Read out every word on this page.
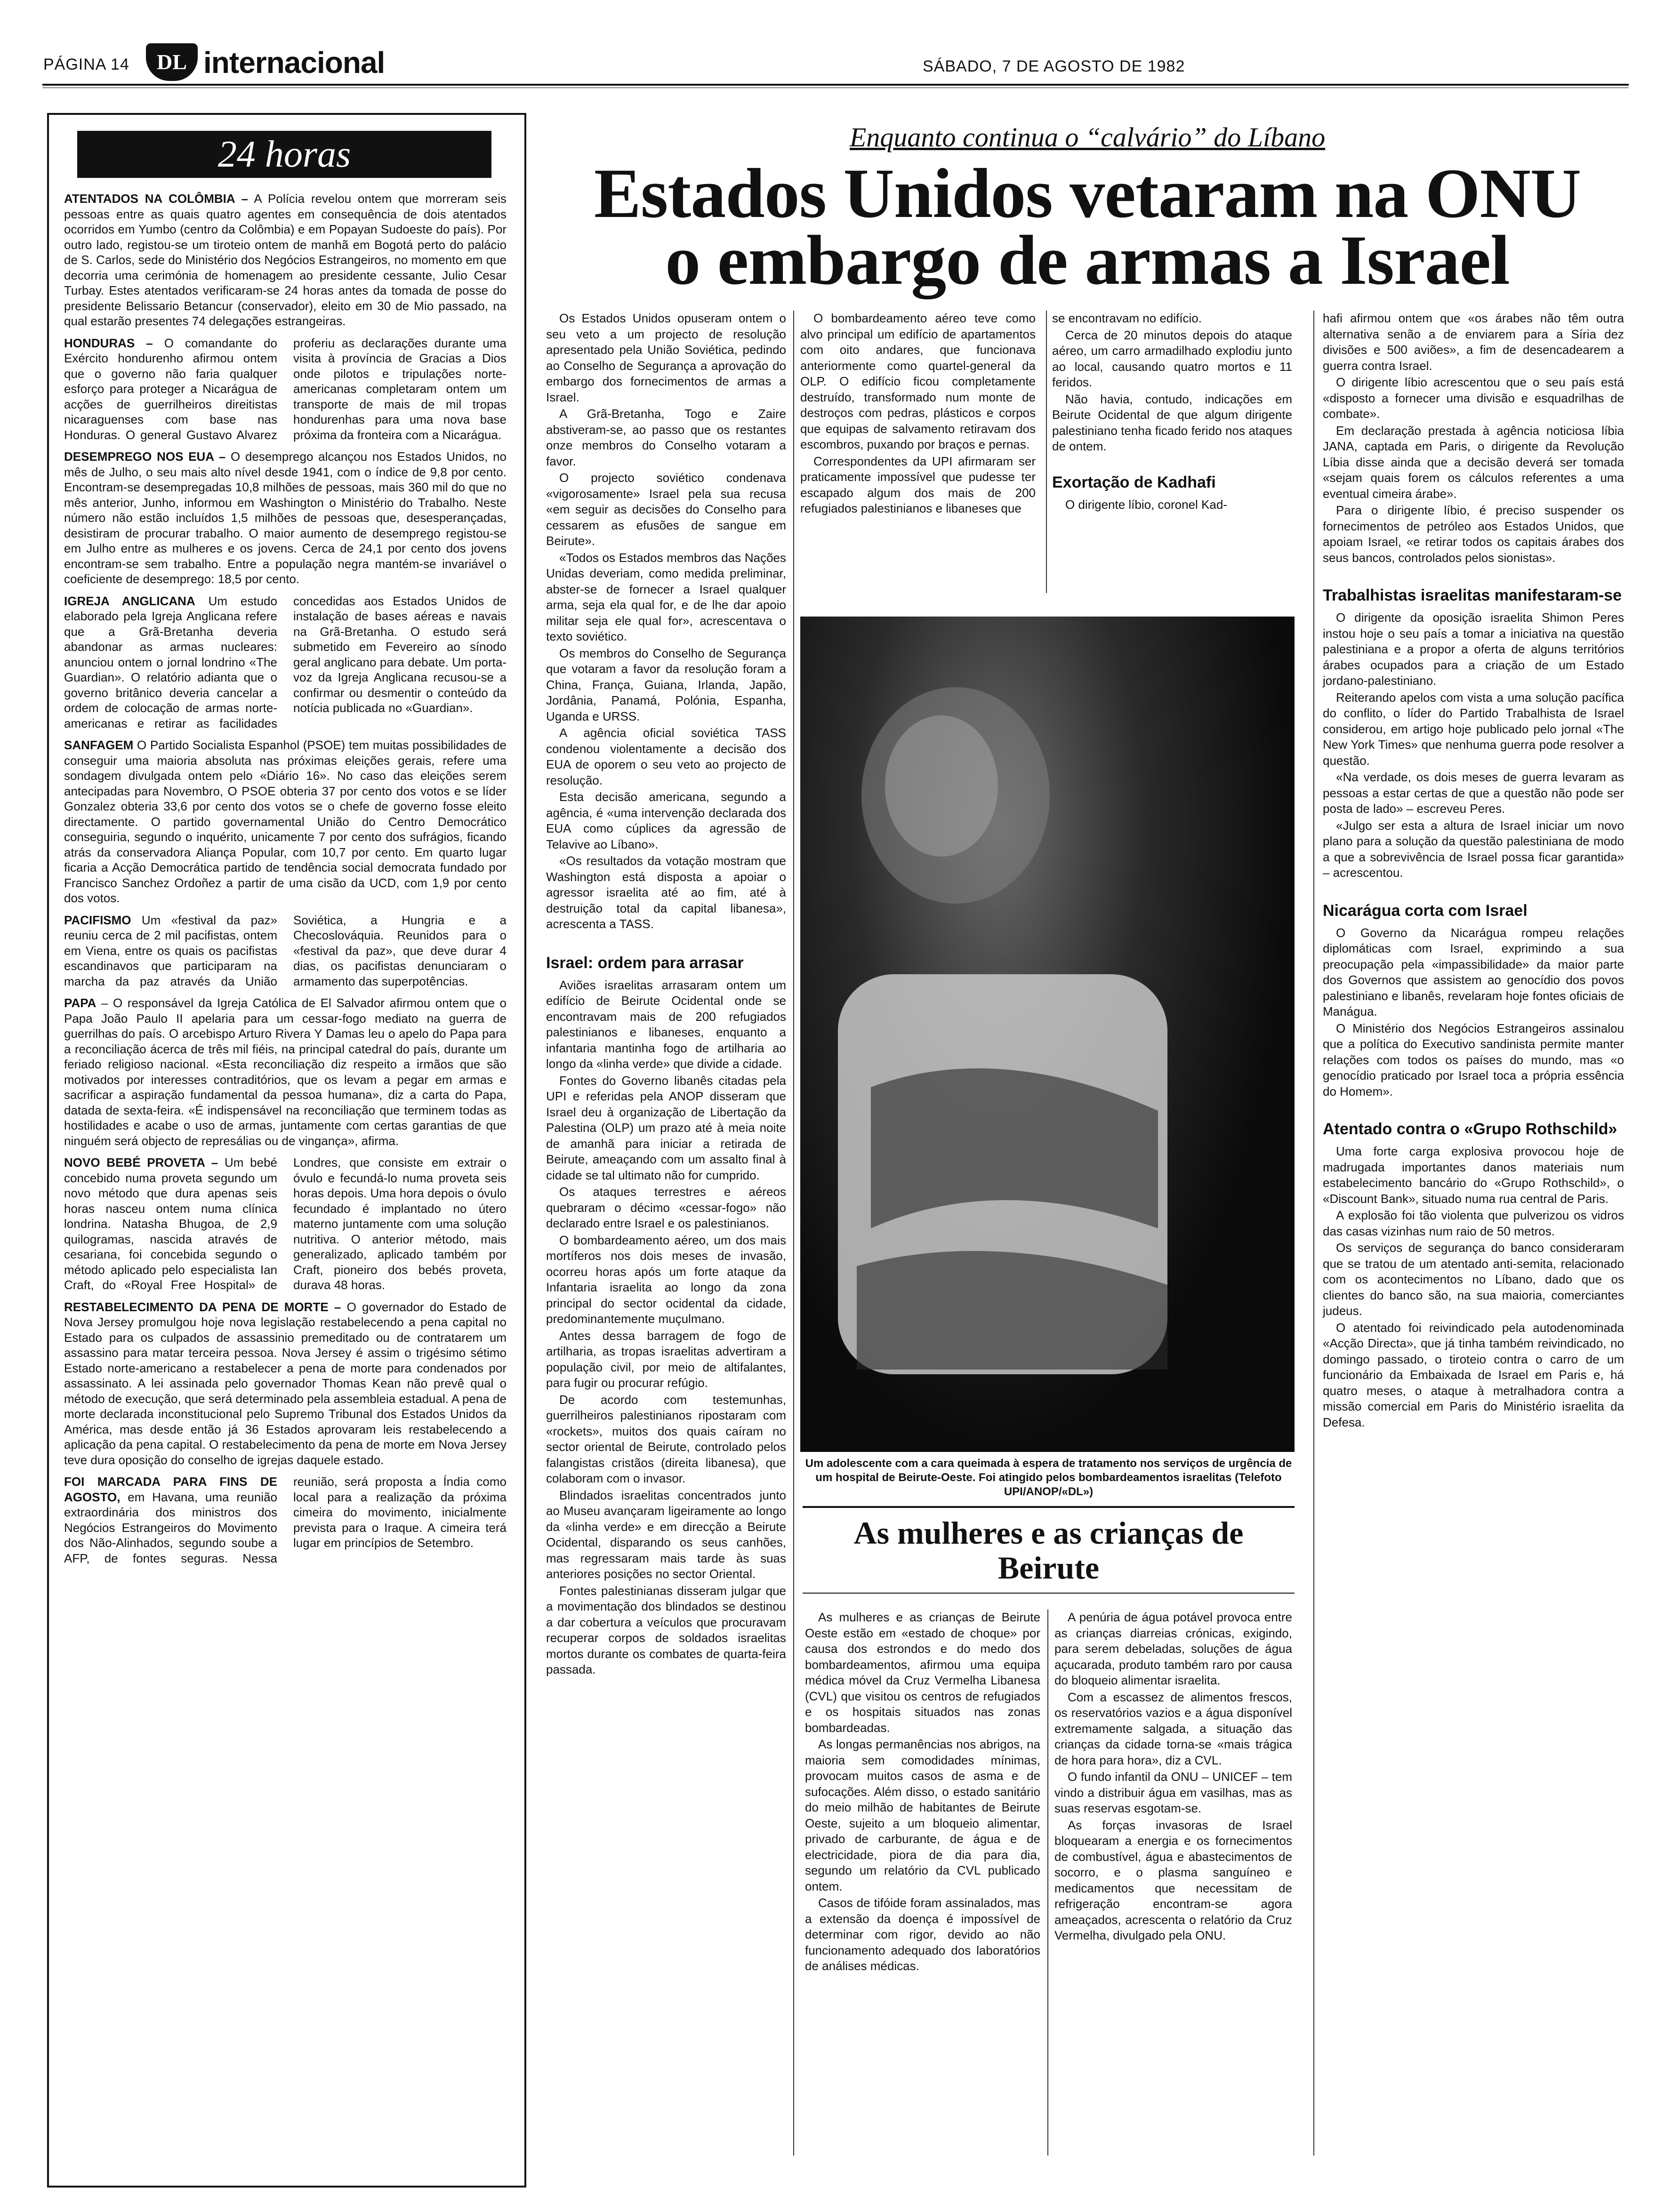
PÁGINA 14	DL internacional	SÁBADO, 7 DE AGOSTO DE 1982
24 horas
ATENTADOS NA COLÔMBIA – A Polícia revelou ontem que morreram seis pessoas entre as quais quatro agentes em consequência de dois atentados ocorridos em Yumbo (centro da Colômbia) e em Popayan Sudoeste do país). Por outro lado, registou-se um tiroteio ontem de manhã em Bogotá perto do palácio de S. Carlos, sede do Ministério dos Negócios Estrangeiros, no momento em que decorria uma cerimónia de homenagem ao presidente cessante, Julio Cesar Turbay. Estes atentados verificaram-se 24 horas antes da tomada de posse do presidente Belissario Betancur (conservador), eleito em 30 de Mio passado, na qual estarão presentes 74 delegações estrangeiras.
HONDURAS – O comandante do Exército hondurenho afirmou ontem que o governo não faria qualquer esforço para proteger a Nicarágua de acções de guerrilheiros direitistas nicaraguenses com base nas Honduras. O general Gustavo Alvarez proferiu as declarações durante uma visita à província de Gracias a Dios onde pilotos e tripulações norte-americanas completaram ontem um transporte de mais de mil tropas hondurenhas para uma nova base próxima da fronteira com a Nicarágua.
DESEMPREGO NOS EUA – O desemprego alcançou nos Estados Unidos, no mês de Julho, o seu mais alto nível desde 1941, com o índice de 9,8 por cento. Encontram-se desempregadas 10,8 milhões de pessoas, mais 360 mil do que no mês anterior, Junho, informou em Washington o Ministério do Trabalho. Neste número não estão incluídos 1,5 milhões de pessoas que, desesperançadas, desistiram de procurar trabalho. O maior aumento de desemprego registou-se em Julho entre as mulheres e os jovens. Cerca de 24,1 por cento dos jovens encontram-se sem trabalho. Entre a população negra mantém-se invariável o coeficiente de desemprego: 18,5 por cento.
IGREJA ANGLICANA Um estudo elaborado pela Igreja Anglicana refere que a Grã-Bretanha deveria abandonar as armas nucleares: anunciou ontem o jornal londrino «The Guardian». O relatório adianta que o governo britânico deveria cancelar a ordem de colocação de armas norte-americanas e retirar as facilidades concedidas aos Estados Unidos de instalação de bases aéreas e navais na Grã-Bretanha. O estudo será submetido em Fevereiro ao sínodo geral anglicano para debate. Um porta-voz da Igreja Anglicana recusou-se a confirmar ou desmentir o conteúdo da notícia publicada no «Guardian».
SANFAGEM O Partido Socialista Espanhol (PSOE) tem muitas possibilidades de conseguir uma maioria absoluta nas próximas eleições gerais, refere uma sondagem divulgada ontem pelo «Diário 16». No caso das eleições serem antecipadas para Novembro, O PSOE obteria 37 por cento dos votos e se líder Gonzalez obteria 33,6 por cento dos votos se o chefe de governo fosse eleito directamente. O partido governamental União do Centro Democrático conseguiria, segundo o inquérito, unicamente 7 por cento dos sufrágios, ficando atrás da conservadora Aliança Popular, com 10,7 por cento. Em quarto lugar ficaria a Acção Democrática partido de tendência social democrata fundado por Francisco Sanchez Ordoñez a partir de uma cisão da UCD, com 1,9 por cento dos votos.
PACIFISMO Um «festival da paz» reuniu cerca de 2 mil pacifistas, ontem em Viena, entre os quais os pacifistas escandinavos que participaram na marcha da paz através da União Soviética, a Hungria e a Checoslováquia. Reunidos para o «festival da paz», que deve durar 4 dias, os pacifistas denunciaram o armamento das superpotências.
PAPA – O responsável da Igreja Católica de El Salvador afirmou ontem que o Papa João Paulo II apelaria para um cessar-fogo mediato na guerra de guerrilhas do país. O arcebispo Arturo Rivera Y Damas leu o apelo do Papa para a reconciliação ácerca de três mil fiéis, na principal catedral do país, durante um feriado religioso nacional. «Esta reconciliação diz respeito a irmãos que são motivados por interesses contraditórios, que os levam a pegar em armas e sacrificar a aspiração fundamental da pessoa humana», diz a carta do Papa, datada de sexta-feira. «É indispensável na reconciliação que terminem todas as hostilidades e acabe o uso de armas, juntamente com certas garantias de que ninguém será objecto de represálias ou de vingança», afirma.
NOVO BEBÉ PROVETA – Um bebé concebido numa proveta segundo um novo método que dura apenas seis horas nasceu ontem numa clínica londrina. Natasha Bhugoa, de 2,9 quilogramas, nascida através de cesariana, foi concebida segundo o método aplicado pelo especialista Ian Craft, do «Royal Free Hospital» de Londres, que consiste em extrair o óvulo e fecundá-lo numa proveta seis horas depois. Uma hora depois o óvulo fecundado é implantado no útero materno juntamente com uma solução nutritiva. O anterior método, mais generalizado, aplicado também por Craft, pioneiro dos bebés proveta, durava 48 horas.
RESTABELECIMENTO DA PENA DE MORTE – O governador do Estado de Nova Jersey promulgou hoje nova legislação restabelecendo a pena capital no Estado para os culpados de assassinio premeditado ou de contratarem um assassino para matar terceira pessoa. Nova Jersey é assim o trigésimo sétimo Estado norte-americano a restabelecer a pena de morte para condenados por assassinato. A lei assinada pelo governador Thomas Kean não prevê qual o método de execução, que será determinado pela assembleia estadual. A pena de morte declarada inconstitucional pelo Supremo Tribunal dos Estados Unidos da América, mas desde então já 36 Estados aprovaram leis restabelecendo a aplicação da pena capital. O restabelecimento da pena de morte em Nova Jersey teve dura oposição do conselho de igrejas daquele estado.
FOI MARCADA PARA FINS DE AGOSTO, em Havana, uma reunião extraordinária dos ministros dos Negócios Estrangeiros do Movimento dos Não-Alinhados, segundo soube a AFP, de fontes seguras. Nessa reunião, será proposta a Índia como local para a realização da próxima cimeira do movimento, inicialmente prevista para o Iraque. A cimeira terá lugar em princípios de Setembro.
Enquanto continua o “calvário” do Líbano
Estados Unidos vetaram na ONU
o embargo de armas a Israel

Os Estados Unidos opuseram ontem o seu veto a um projecto de resolução apresentado pela União Soviética, pedindo ao Conselho de Segurança a aprovação do embargo dos fornecimentos de armas a Israel.

A Grã-Bretanha, Togo e Zaire abstiveram-se, ao passo que os restantes onze membros do Conselho votaram a favor.

O projecto soviético condenava «vigorosamente» Israel pela sua recusa «em seguir as decisões do Conselho para cessarem as efusões de sangue em Beirute».

«Todos os Estados membros das Nações Unidas deveriam, como medida preliminar, abster-se de fornecer a Israel qualquer arma, seja ela qual for, e de lhe dar apoio militar seja ele qual for», acrescentava o texto soviético.

Os membros do Conselho de Segurança que votaram a favor da resolução foram a China, França, Guiana, Irlanda, Japão, Jordânia, Panamá, Polónia, Espanha, Uganda e URSS.

A agência oficial soviética TASS condenou violentamente a decisão dos EUA de oporem o seu veto ao projecto de resolução.

Esta decisão americana, segundo a agência, é «uma intervenção declarada dos EUA como cúplices da agressão de Telavive ao Líbano».

«Os resultados da votação mostram que Washington está disposta a apoiar o agressor israelita até ao fim, até à destruição total da capital libanesa», acrescenta a TASS.

Israel: ordem para arrasar

Aviões israelitas arrasaram ontem um edifício de Beirute Ocidental onde se encontravam mais de 200 refugiados palestinianos e libaneses, enquanto a infantaria mantinha fogo de artilharia ao longo da «linha verde» que divide a cidade.

Fontes do Governo libanês citadas pela UPI e referidas pela ANOP disseram que Israel deu à organização de Libertação da Palestina (OLP) um prazo até à meia noite de amanhã para iniciar a retirada de Beirute, ameaçando com um assalto final à cidade se tal ultimato não for cumprido.

Os ataques terrestres e aéreos quebraram o décimo «cessar-fogo» não declarado entre Israel e os palestinianos.

O bombardeamento aéreo, um dos mais mortíferos nos dois meses de invasão, ocorreu horas após um forte ataque da Infantaria israelita ao longo da zona principal do sector ocidental da cidade, predominantemente muçulmano.

Antes dessa barragem de fogo de artilharia, as tropas israelitas advertiram a população civil, por meio de altifalantes, para fugir ou procurar refúgio.

De acordo com testemunhas, guerrilheiros palestinianos ripostaram com «rockets», muitos dos quais caíram no sector oriental de Beirute, controlado pelos falangistas cristãos (direita libanesa), que colaboram com o invasor.

Blindados israelitas concentrados junto ao Museu avançaram ligeiramente ao longo da «linha verde» e em direcção a Beirute Ocidental, disparando os seus canhões, mas regressaram mais tarde às suas anteriores posições no sector Oriental.

Fontes palestinianas disseram julgar que a movimentação dos blindados se destinou a dar cobertura a veículos que procuravam recuperar corpos de soldados israelitas mortos durante os combates de quarta-feira passada.

O bombardeamento aéreo teve como alvo principal um edifício de apartamentos com oito andares, que funcionava anteriormente como quartel-general da OLP. O edifício ficou completamente destruído, transformado num monte de destroços com pedras, plásticos e corpos que equipas de salvamento retiravam dos escombros, puxando por braços e pernas.

Correspondentes da UPI afirmaram ser praticamente impossível que pudesse ter escapado algum dos mais de 200 refugiados palestinianos e libaneses que

se encontravam no edifício.

Cerca de 20 minutos depois do ataque aéreo, um carro armadilhado explodiu junto ao local, causando quatro mortos e 11 feridos.

Não havia, contudo, indicações em Beirute Ocidental de que algum dirigente palestiniano tenha ficado ferido nos ataques de ontem.

Exortação de Kadhafi

O dirigente líbio, coronel Kad-

Um adolescente com a cara queimada à espera de tratamento nos serviços de urgência de um hospital de Beirute-Oeste. Foi atingido pelos bombardeamentos israelitas (Telefoto UPI/ANOP/«DL»)

hafi afirmou ontem que «os árabes não têm outra alternativa senão a de enviarem para a Síria dez divisões e 500 aviões», a fim de desencadearem a guerra contra Israel.

O dirigente líbio acrescentou que o seu país está «disposto a fornecer uma divisão e esquadrilhas de combate».

Em declaração prestada à agência noticiosa líbia JANA, captada em Paris, o dirigente da Revolução Líbia disse ainda que a decisão deverá ser tomada «sejam quais forem os cálculos referentes a uma eventual cimeira árabe».

Para o dirigente líbio, é preciso suspender os fornecimentos de petróleo aos Estados Unidos, que apoiam Israel, «e retirar todos os capitais árabes dos seus bancos, controlados pelos sionistas».

Trabalhistas israelitas manifestaram-se

O dirigente da oposição israelita Shimon Peres instou hoje o seu país a tomar a iniciativa na questão palestiniana e a propor a oferta de alguns territórios árabes ocupados para a criação de um Estado jordano-palestiniano.

Reiterando apelos com vista a uma solução pacífica do conflito, o líder do Partido Trabalhista de Israel considerou, em artigo hoje publicado pelo jornal «The New York Times» que nenhuma guerra pode resolver a questão.

«Na verdade, os dois meses de guerra levaram as pessoas a estar certas de que a questão não pode ser posta de lado» – escreveu Peres.

«Julgo ser esta a altura de Israel iniciar um novo plano para a solução da questão palestiniana de modo a que a sobrevivência de Israel possa ficar garantida» – acrescentou.

Nicarágua corta com Israel

O Governo da Nicarágua rompeu relações diplomáticas com Israel, exprimindo a sua preocupação pela «impassibilidade» da maior parte dos Governos que assistem ao genocídio dos povos palestiniano e libanês, revelaram hoje fontes oficiais de Manágua.

O Ministério dos Negócios Estrangeiros assinalou que a política do Executivo sandinista permite manter relações com todos os países do mundo, mas «o genocídio praticado por Israel toca a própria essência do Homem».

Atentado contra o «Grupo Rothschild»

Uma forte carga explosiva provocou hoje de madrugada importantes danos materiais num estabelecimento bancário do «Grupo Rothschild», o «Discount Bank», situado numa rua central de Paris.

A explosão foi tão violenta que pulverizou os vidros das casas vizinhas num raio de 50 metros.

Os serviços de segurança do banco consideraram que se tratou de um atentado anti-semita, relacionado com os acontecimentos no Líbano, dado que os clientes do banco são, na sua maioria, comerciantes judeus.

O atentado foi reivindicado pela autodenominada «Acção Directa», que já tinha também reivindicado, no domingo passado, o tiroteio contra o carro de um funcionário da Embaixada de Israel em Paris e, há quatro meses, o ataque à metralhadora contra a missão comercial em Paris do Ministério israelita da Defesa.

As mulheres e as crianças de Beirute

As mulheres e as crianças de Beirute Oeste estão em «estado de choque» por causa dos estrondos e do medo dos bombardeamentos, afirmou uma equipa médica móvel da Cruz Vermelha Libanesa (CVL) que visitou os centros de refugiados e os hospitais situados nas zonas bombardeadas.

As longas permanências nos abrigos, na maioria sem comodidades mínimas, provocam muitos casos de asma e de sufocações. Além disso, o estado sanitário do meio milhão de habitantes de Beirute Oeste, sujeito a um bloqueio alimentar, privado de carburante, de água e de electricidade, piora de dia para dia, segundo um relatório da CVL publicado ontem.

Casos de tifóide foram assinalados, mas a extensão da doença é impossível de determinar com rigor, devido ao não funcionamento adequado dos laboratórios de análises médicas.

A penúria de água potável provoca entre as crianças diarreias crónicas, exigindo, para serem debeladas, soluções de água açucarada, produto também raro por causa do bloqueio alimentar israelita.

Com a escassez de alimentos frescos, os reservatórios vazios e a água disponível extremamente salgada, a situação das crianças da cidade torna-se «mais trágica de hora para hora», diz a CVL.

O fundo infantil da ONU – UNICEF – tem vindo a distribuir água em vasilhas, mas as suas reservas esgotam-se.

As forças invasoras de Israel bloquearam a energia e os fornecimentos de combustível, água e abastecimentos de socorro, e o plasma sanguíneo e medicamentos que necessitam de refrigeração encontram-se agora ameaçados, acrescenta o relatório da Cruz Vermelha, divulgado pela ONU.
